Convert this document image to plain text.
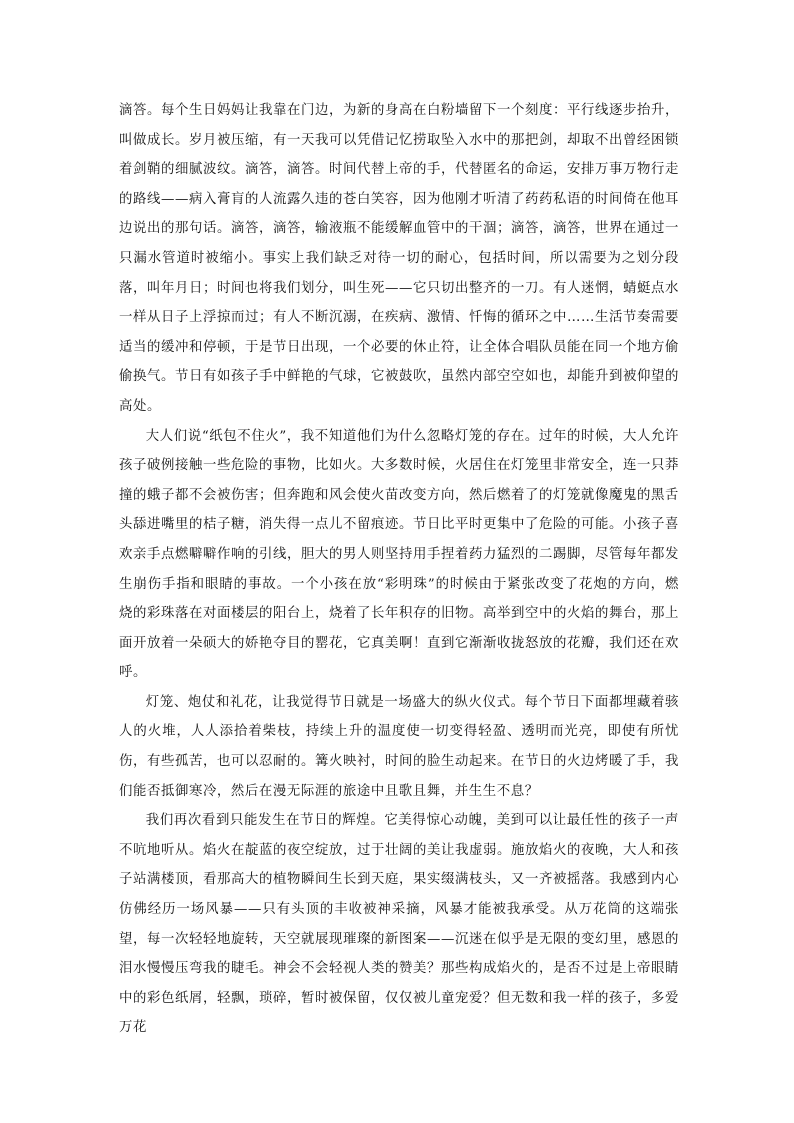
滴答。每个生日妈妈让我靠在门边，为新的身高在白粉墙留下一个刻度：平行线逐步抬升，叫做成长。岁月被压缩，有一天我可以凭借记忆捞取坠入水中的那把剑，却取不出曾经困锁着剑鞘的细腻波纹。滴答，滴答。时间代替上帝的手，代替匿名的命运，安排万事万物行走的路线——病入膏肓的人流露久违的苍白笑容，因为他刚才听清了药药私语的时间倚在他耳边说出的那句话。滴答，滴答，输液瓶不能缓解血管中的干涸；滴答，滴答，世界在通过一只漏水管道时被缩小。事实上我们缺乏对待一切的耐心，包括时间，所以需要为之划分段落，叫年月日；时间也将我们划分，叫生死——它只切出整齐的一刀。有人迷惘，蜻蜓点水一样从日子上浮掠而过；有人不断沉溺，在疾病、激情、忏悔的循环之中……生活节奏需要适当的缓冲和停顿，于是节日出现，一个必要的休止符，让全体合唱队员能在同一个地方偷偷换气。节日有如孩子手中鲜艳的气球，它被鼓吹，虽然内部空空如也，却能升到被仰望的高处。

大人们说“纸包不住火”，我不知道他们为什么忽略灯笼的存在。过年的时候，大人允许孩子破例接触一些危险的事物，比如火。大多数时候，火居住在灯笼里非常安全，连一只莽撞的蛾子都不会被伤害；但奔跑和风会使火苗改变方向，然后燃着了的灯笼就像魔鬼的黑舌头舔进嘴里的桔子糖，消失得一点儿不留痕迹。节日比平时更集中了危险的可能。小孩子喜欢亲手点燃噼噼作响的引线，胆大的男人则坚持用手捏着药力猛烈的二踢脚，尽管每年都发生崩伤手指和眼睛的事故。一个小孩在放“彩明珠”的时候由于紧张改变了花炮的方向，燃烧的彩珠落在对面楼层的阳台上，烧着了长年积存的旧物。高举到空中的火焰的舞台，那上面开放着一朵硕大的娇艳夺目的罂花，它真美啊！直到它渐渐收拢怒放的花瓣，我们还在欢呼。

灯笼、炮仗和礼花，让我觉得节日就是一场盛大的纵火仪式。每个节日下面都埋藏着骇人的火堆，人人添拾着柴枝，持续上升的温度使一切变得轻盈、透明而光亮，即使有所忧伤，有些孤苦，也可以忍耐的。篝火映衬，时间的脸生动起来。在节日的火边烤暖了手，我们能否抵御寒冷，然后在漫无际涯的旅途中且歌且舞，并生生不息？

我们再次看到只能发生在节日的辉煌。它美得惊心动魄，美到可以让最任性的孩子一声不吭地听从。焰火在靛蓝的夜空绽放，过于壮阔的美让我虚弱。施放焰火的夜晚，大人和孩子站满楼顶，看那高大的植物瞬间生长到天庭，果实缀满枝头，又一齐被摇落。我感到内心仿佛经历一场风暴——只有头顶的丰收被神采摘，风暴才能被我承受。从万花筒的这端张望，每一次轻轻地旋转，天空就展现璀璨的新图案——沉迷在似乎是无限的变幻里，感恩的泪水慢慢压弯我的睫毛。神会不会轻视人类的赞美？那些构成焰火的，是否不过是上帝眼睛中的彩色纸屑，轻飘，琐碎，暂时被保留，仅仅被儿童宠爱？但无数和我一样的孩子，多爱万花
